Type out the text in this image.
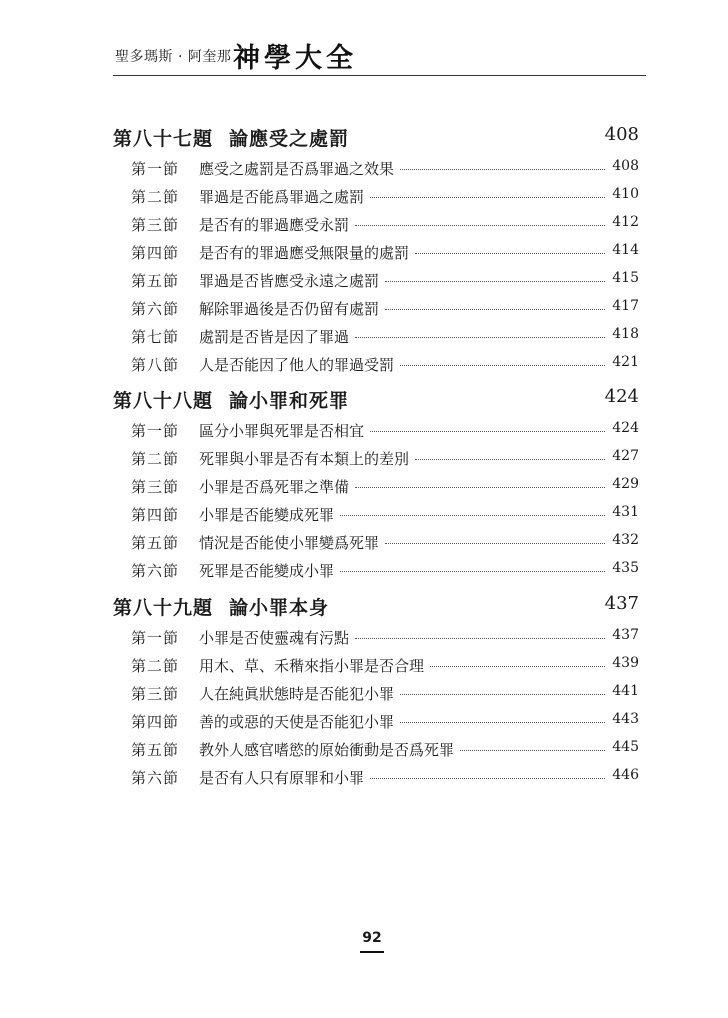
聖多瑪斯 · 阿奎那 神學大全
第八十七題 論應受之處罰	408
第一節 應受之處罰是否爲罪過之效果	408
第二節 罪過是否能爲罪過之處罰	410
第三節 是否有的罪過應受永罰	412
第四節 是否有的罪過應受無限量的處罰	414
第五節 罪過是否皆應受永遠之處罰	415
第六節 解除罪過後是否仍留有處罰	417
第七節 處罰是否皆是因了罪過	418
第八節 人是否能因了他人的罪過受罰	421
第八十八題 論小罪和死罪	424
第一節 區分小罪與死罪是否相宜	424
第二節 死罪與小罪是否有本類上的差別	427
第三節 小罪是否爲死罪之準備	429
第四節 小罪是否能變成死罪	431
第五節 情況是否能使小罪變爲死罪	432
第六節 死罪是否能變成小罪	435
第八十九題 論小罪本身	437
第一節 小罪是否使靈魂有污點	437
第二節 用木、草、禾稭來指小罪是否合理	439
第三節 人在純眞狀態時是否能犯小罪	441
第四節 善的或惡的天使是否能犯小罪	443
第五節 教外人感官嗜慾的原始衝動是否爲死罪	445
第六節 是否有人只有原罪和小罪	446
92
